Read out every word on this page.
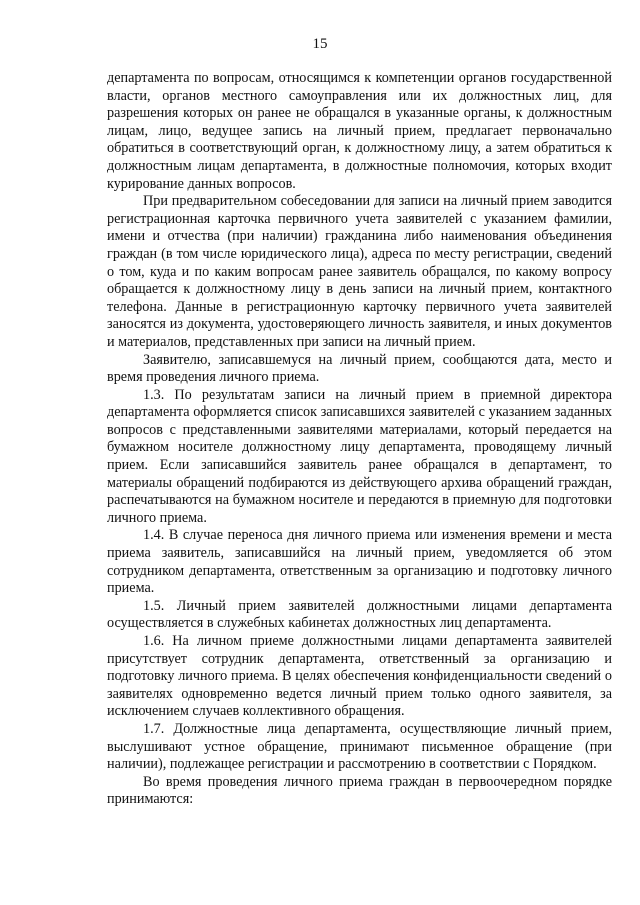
15

департамента по вопросам, относящимся к компетенции органов государственной власти, органов местного самоуправления или их должностных лиц, для разрешения которых он ранее не обращался в указанные органы, к должностным лицам, лицо, ведущее запись на личный прием, предлагает первоначально обратиться в соответствующий орган, к должностному лицу, а затем обратиться к должностным лицам департамента, в должностные полномочия, которых входит курирование данных вопросов.

При предварительном собеседовании для записи на личный прием заводится регистрационная карточка первичного учета заявителей с указанием фамилии, имени и отчества (при наличии) гражданина либо наименования объединения граждан (в том числе юридического лица), адреса по месту регистрации, сведений о том, куда и по каким вопросам ранее заявитель обращался, по какому вопросу обращается к должностному лицу в день записи на личный прием, контактного телефона. Данные в регистрационную карточку первичного учета заявителей заносятся из документа, удостоверяющего личность заявителя, и иных документов и материалов, представленных при записи на личный прием.

Заявителю, записавшемуся на личный прием, сообщаются дата, место и время проведения личного приема.

1.3. По результатам записи на личный прием в приемной директора департамента оформляется список записавшихся заявителей с указанием заданных вопросов с представленными заявителями материалами, который передается на бумажном носителе должностному лицу департамента, проводящему личный прием. Если записавшийся заявитель ранее обращался в департамент, то материалы обращений подбираются из действующего архива обращений граждан, распечатываются на бумажном носителе и передаются в приемную для подготовки личного приема.

1.4. В случае переноса дня личного приема или изменения времени и места приема заявитель, записавшийся на личный прием, уведомляется об этом сотрудником департамента, ответственным за организацию и подготовку личного приема.

1.5. Личный прием заявителей должностными лицами департамента осуществляется в служебных кабинетах должностных лиц департамента.

1.6. На личном приеме должностными лицами департамента заявителей присутствует сотрудник департамента, ответственный за организацию и подготовку личного приема. В целях обеспечения конфиденциальности сведений о заявителях одновременно ведется личный прием только одного заявителя, за исключением случаев коллективного обращения.

1.7. Должностные лица департамента, осуществляющие личный прием, выслушивают устное обращение, принимают письменное обращение (при наличии), подлежащее регистрации и рассмотрению в соответствии с Порядком.

Во время проведения личного приема граждан в первоочередном порядке принимаются:
